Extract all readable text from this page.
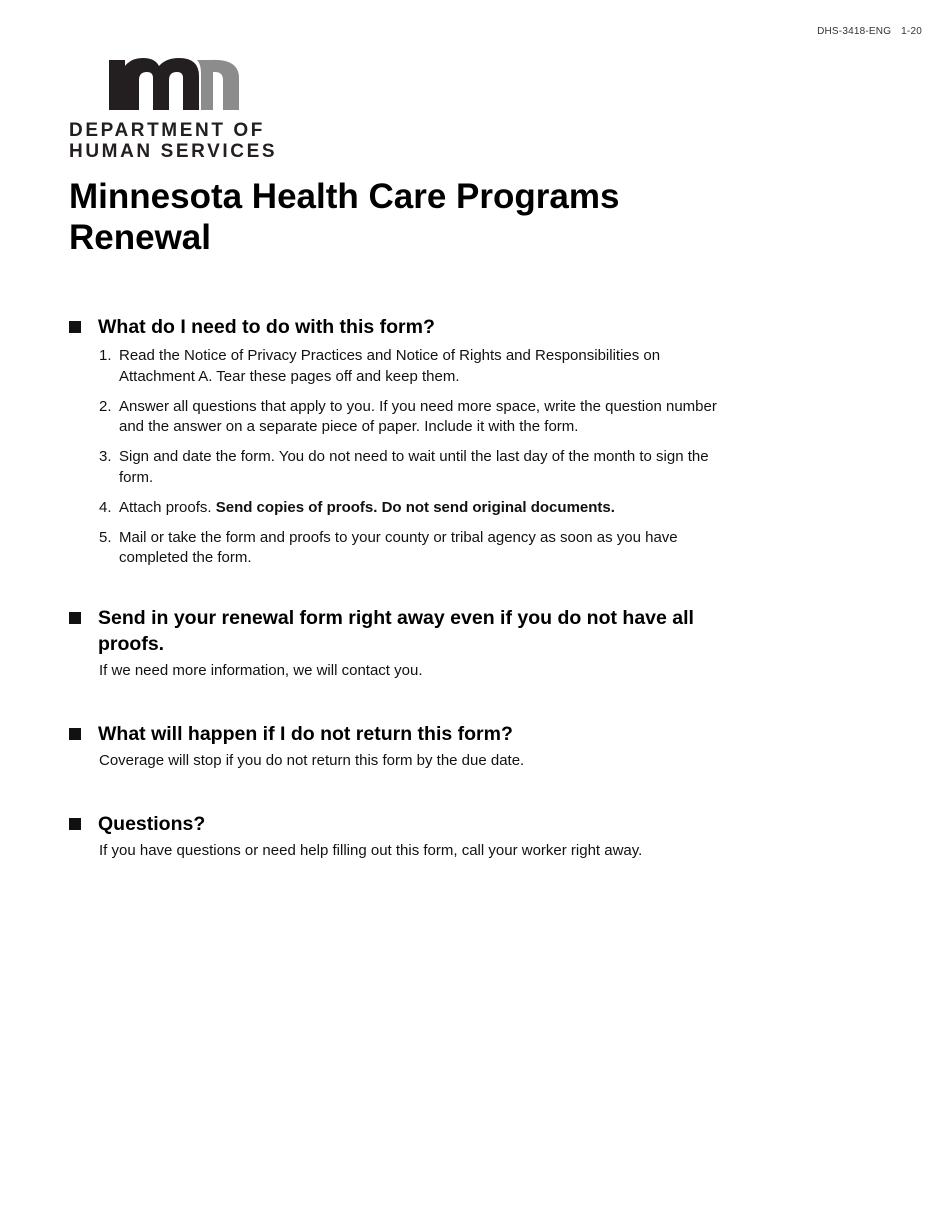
DHS-3418-ENG 1-20
DEPARTMENT OF
HUMAN SERVICES
Minnesota Health Care Programs Renewal
What do I need to do with this form?
1. Read the Notice of Privacy Practices and Notice of Rights and Responsibilities on Attachment A. Tear these pages off and keep them.
2. Answer all questions that apply to you. If you need more space, write the question number and the answer on a separate piece of paper. Include it with the form.
3. Sign and date the form. You do not need to wait until the last day of the month to sign the form.
4. Attach proofs. Send copies of proofs. Do not send original documents.
5. Mail or take the form and proofs to your county or tribal agency as soon as you have completed the form.
Send in your renewal form right away even if you do not have all proofs.
If we need more information, we will contact you.
What will happen if I do not return this form?
Coverage will stop if you do not return this form by the due date.
Questions?
If you have questions or need help filling out this form, call your worker right away.
